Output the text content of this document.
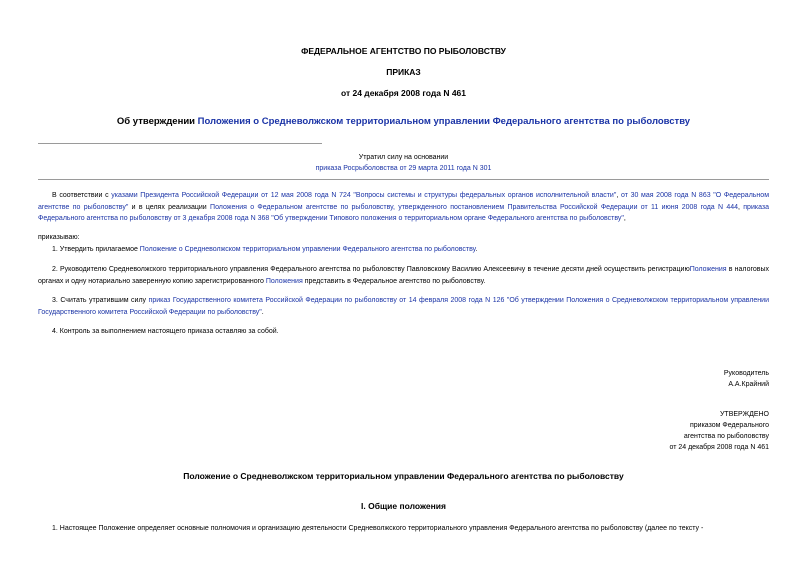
ФЕДЕРАЛЬНОЕ АГЕНТСТВО ПО РЫБОЛОВСТВУ
ПРИКАЗ
от 24 декабря 2008 года N 461
Об утверждении Положения о Средневолжском территориальном управлении Федерального агентства по рыболовству
Утратил силу на основании
приказа Росрыболовства от 29 марта 2011 года N 301
В соответствии с указами Президента Российской Федерации от 12 мая 2008 года N 724 "Вопросы системы и структуры федеральных органов исполнительной власти", от 30 мая 2008 года N 863 "О Федеральном агентстве по рыболовству" и в целях реализации Положения о Федеральном агентстве по рыболовству, утвержденного постановлением Правительства Российской Федерации от 11 июня 2008 года N 444, приказа Федерального агентства по рыболовству от 3 декабря 2008 года N 368 "Об утверждении Типового положения о территориальном органе Федерального агентства по рыболовству",
приказываю:
1. Утвердить прилагаемое Положение о Средневолжском территориальном управлении Федерального агентства по рыболовству.
2. Руководителю Средневолжского территориального управления Федерального агентства по рыболовству Павловскому Василию Алексеевичу в течение десяти дней осуществить регистрациюПоложения в налоговых органах и одну нотариально заверенную копию зарегистрированного Положения представить в Федеральное агентство по рыболовству.
3. Считать утратившим силу приказ Государственного комитета Российской Федерации по рыболовству от 14 февраля 2008 года N 126 "Об утверждении Положения о Средневолжском территориальном управлении Государственного комитета Российской Федерации по рыболовству".
4. Контроль за выполнением настоящего приказа оставляю за собой.
Руководитель
А.А.Крайний
УТВЕРЖДЕНО
приказом Федерального
агентства по рыболовству
от 24 декабря 2008 года N 461
Положение о Средневолжском территориальном управлении Федерального агентства по рыболовству
I. Общие положения
1. Настоящее Положение определяет основные полномочия и организацию деятельности Средневолжского территориального управления Федерального агентства по рыболовству (далее по тексту -
